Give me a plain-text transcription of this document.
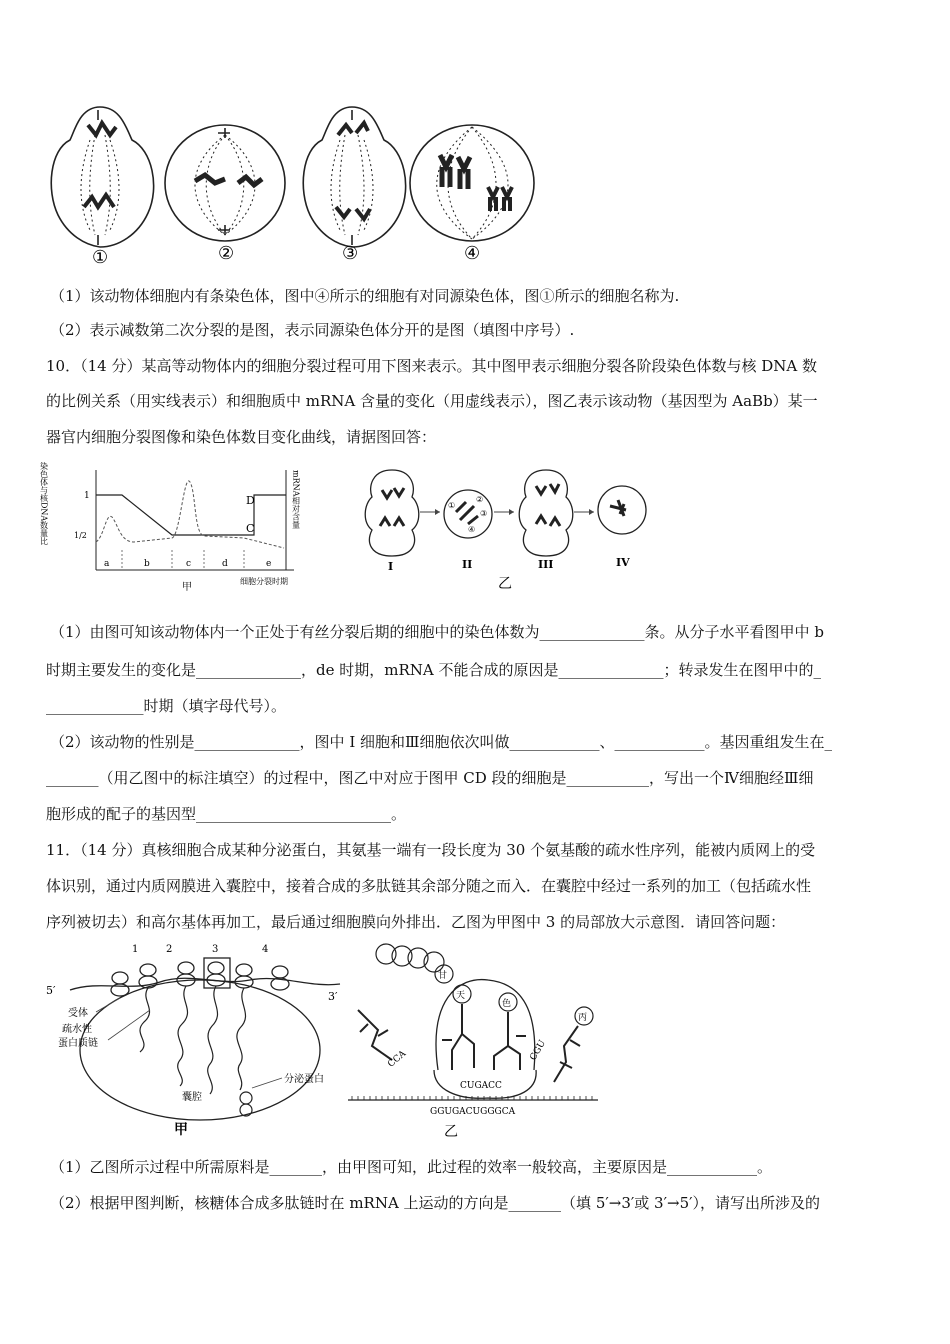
①	②	③	④
（1）该动物体细胞内有条染色体，图中④所示的细胞有对同源染色体，图①所示的细胞名称为.
（2）表示减数第二次分裂的是图，表示同源染色体分开的是图（填图中序号）.
10．（14 分）某高等动物体内的细胞分裂过程可用下图来表示。其中图甲表示细胞分裂各阶段染色体数与核 DNA 数
的比例关系（用实线表示）和细胞质中 mRNA 含量的变化（用虚线表示），图乙表示该动物（基因型为 AaBb）某一
器官内细胞分裂图像和染色体数目变化曲线，请据图回答：
染色体与核DNA数量比	mRNA相对含量
1
1/2
a	b	c	d	e
D
C
细胞分裂时期
甲
①
②
③
④
I	II	III	IV
乙
（1）由图可知该动物体内一个正处于有丝分裂后期的细胞中的染色体数为______________条。从分子水平看图甲中 b
时期主要发生的变化是______________，de 时期，mRNA 不能合成的原因是______________；转录发生在图甲中的_
_____________时期（填字母代号）。
（2）该动物的性别是______________，图中 Ⅰ 细胞和Ⅲ细胞依次叫做____________、____________。基因重组发生在_
_______（用乙图中的标注填空）的过程中，图乙中对应于图甲 CD 段的细胞是___________，写出一个Ⅳ细胞经Ⅲ细
胞形成的配子的基因型__________________________。
11．（14 分）真核细胞合成某种分泌蛋白，其氨基一端有一段长度为 30 个氨基酸的疏水性序列，能被内质网上的受
体识别，通过内质网膜进入囊腔中，接着合成的多肽链其余部分随之而入．在囊腔中经过一系列的加工（包括疏水性
序列被切去）和高尔基体再加工，最后通过细胞膜向外排出．乙图为甲图中 3 的局部放大示意图．请回答问题：
1	2	3	4
5′	3′
受体
疏水性
蛋白质链
分泌蛋白
囊腔
甲
甘
天
色
丙
CCA
CUGACC
CGU
GGUGACUGGGCA
乙
（1）乙图所示过程中所需原料是_______，由甲图可知，此过程的效率一般较高，主要原因是____________。
（2）根据甲图判断，核糖体合成多肽链时在 mRNA 上运动的方向是_______（填 5′→3′或 3′→5′），请写出所涉及的
